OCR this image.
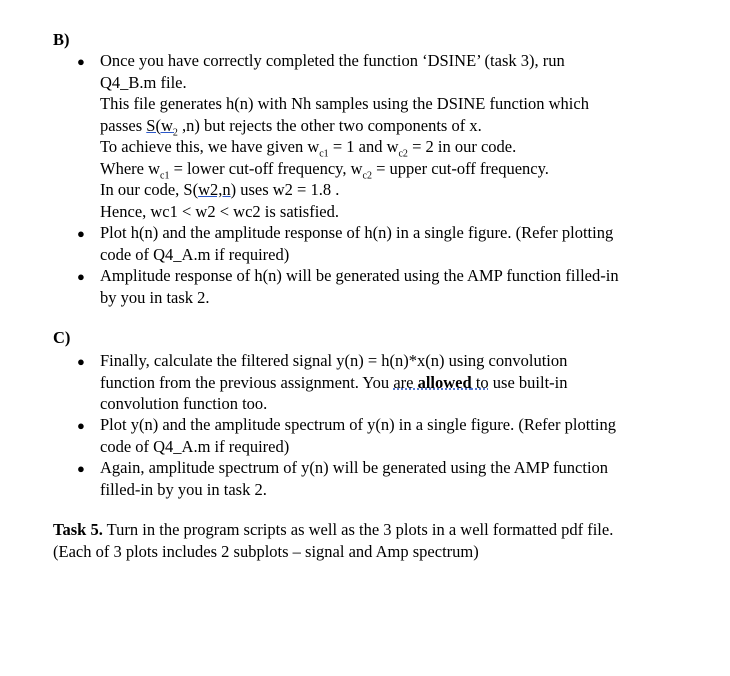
B)
● Once you have correctly completed the function ‘DSINE’ (task 3), run
Q4_B.m file.
This file generates h(n) with Nh samples using the DSINE function which
passes $S(w_2$ ,n) but rejects the other two components of x.
To achieve this, we have given $w_{c1} = 1$ and $w_{c2} = 2$ in our code.
Where $w_{c1}$ = lower cut-off frequency, $w_{c2}$ = upper cut-off frequency.
In our code, S(w2,n) uses w2 = 1.8 .
Hence, wc1 < w2 < wc2 is satisfied.
● Plot h(n) and the amplitude response of h(n) in a single figure. (Refer plotting
code of Q4_A.m if required)
● Amplitude response of h(n) will be generated using the AMP function filled-in
by you in task 2.
C)
● Finally, calculate the filtered signal y(n) = h(n)*x(n) using convolution
function from the previous assignment. You are allowed to use built-in
convolution function too.
● Plot y(n) and the amplitude spectrum of y(n) in a single figure. (Refer plotting
code of Q4_A.m if required)
● Again, amplitude spectrum of y(n) will be generated using the AMP function
filled-in by you in task 2.
Task 5. Turn in the program scripts as well as the 3 plots in a well formatted pdf file.
(Each of 3 plots includes 2 subplots – signal and Amp spectrum)
